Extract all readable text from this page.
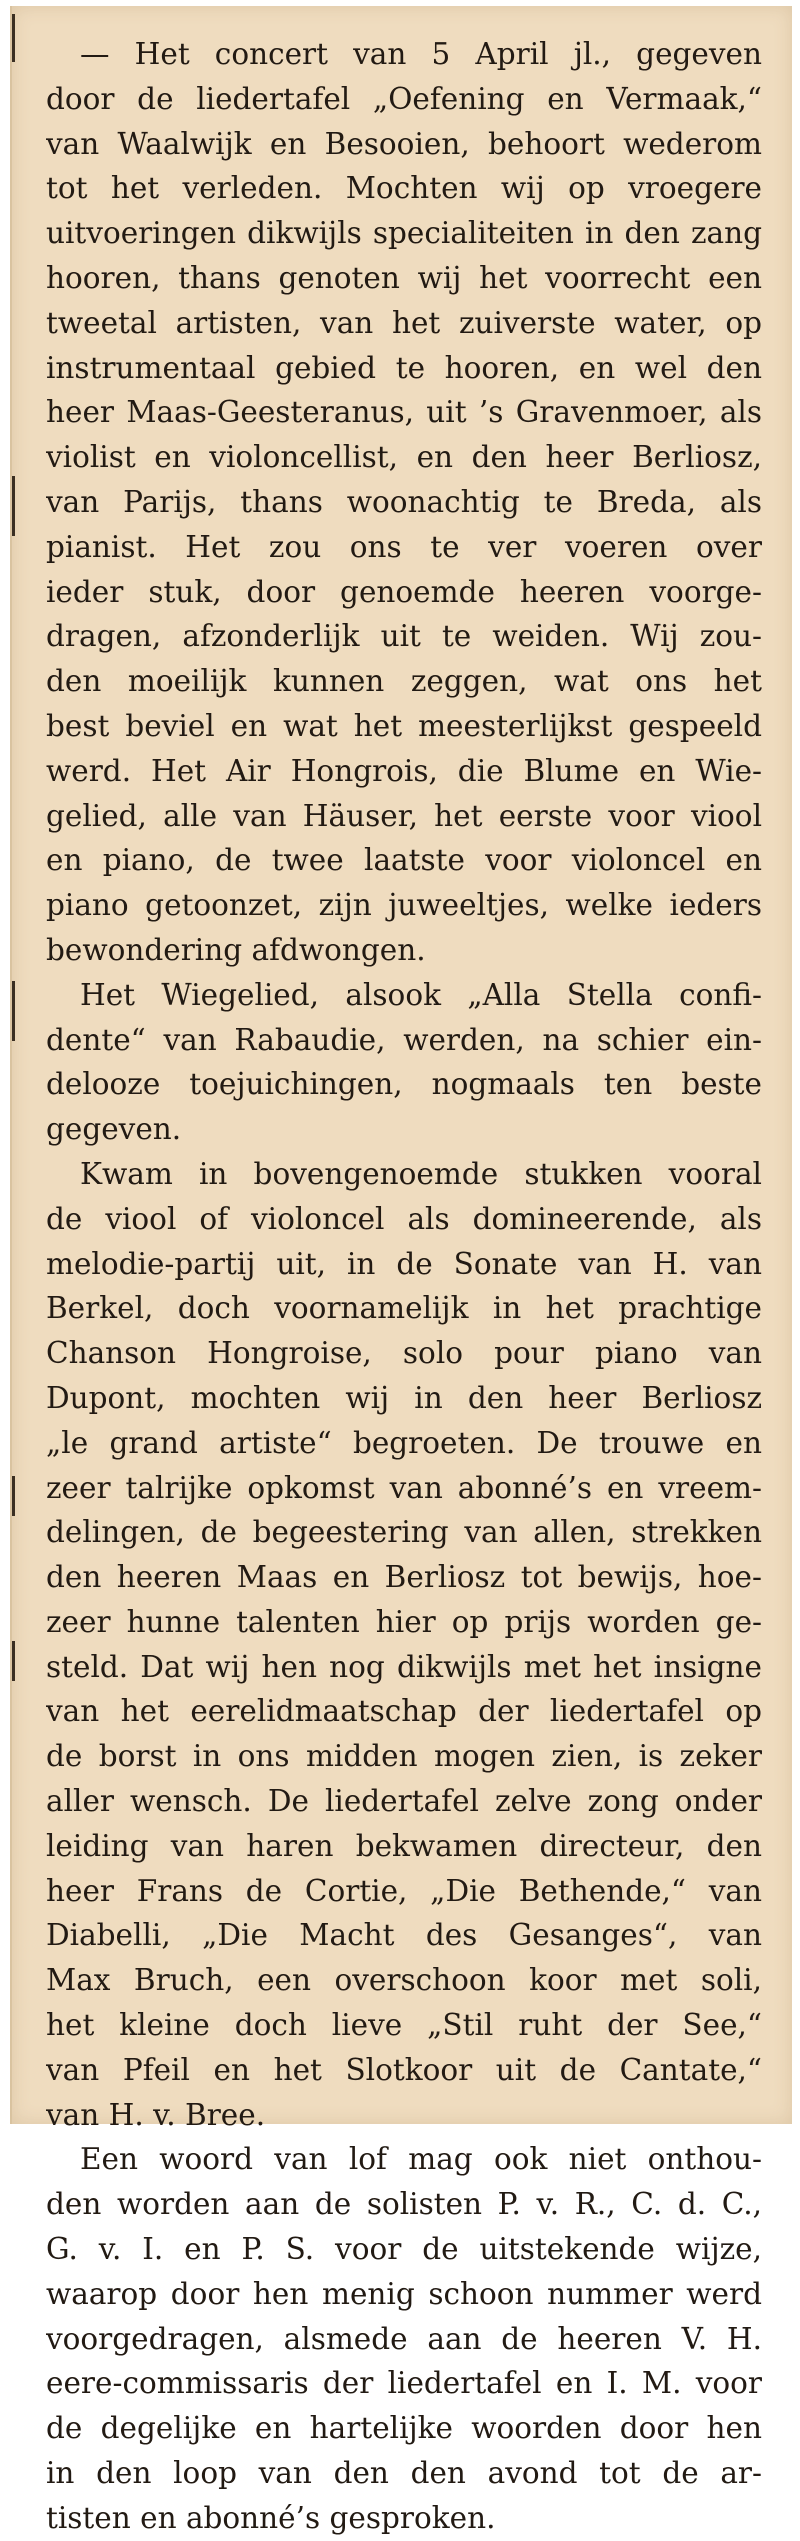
— Het concert van 5 April jl., gegeven
door de liedertafel „Oefening en Vermaak,“
van Waalwijk en Besooien, behoort wederom
tot het verleden. Mochten wij op vroegere
uitvoeringen dikwijls specialiteiten in den zang
hooren, thans genoten wij het voorrecht een
tweetal artisten, van het zuiverste water, op
instrumentaal gebied te hooren, en wel den
heer Maas-Geesteranus, uit ’s Gravenmoer, als
violist en violoncellist, en den heer Berliosz,
van Parijs, thans woonachtig te Breda, als
pianist. Het zou ons te ver voeren over
ieder stuk, door genoemde heeren voorge-
dragen, afzonderlijk uit te weiden. Wij zou-
den moeilijk kunnen zeggen, wat ons het
best beviel en wat het meesterlijkst gespeeld
werd. Het Air Hongrois, die Blume en Wie-
gelied, alle van Häuser, het eerste voor viool
en piano, de twee laatste voor violoncel en
piano getoonzet, zijn juweeltjes, welke ieders
bewondering afdwongen.
Het Wiegelied, alsook „Alla Stella confi-
dente“ van Rabaudie, werden, na schier ein-
delooze toejuichingen, nogmaals ten beste
gegeven.
Kwam in bovengenoemde stukken vooral
de viool of violoncel als domineerende, als
melodie-partij uit, in de Sonate van H. van
Berkel, doch voornamelijk in het prachtige
Chanson Hongroise, solo pour piano van
Dupont, mochten wij in den heer Berliosz
„le grand artiste“ begroeten. De trouwe en
zeer talrijke opkomst van abonné’s en vreem-
delingen, de begeestering van allen, strekken
den heeren Maas en Berliosz tot bewijs, hoe-
zeer hunne talenten hier op prijs worden ge-
steld. Dat wij hen nog dikwijls met het insigne
van het eerelidmaatschap der liedertafel op
de borst in ons midden mogen zien, is zeker
aller wensch. De liedertafel zelve zong onder
leiding van haren bekwamen directeur, den
heer Frans de Cortie, „Die Bethende,“ van
Diabelli, „Die Macht des Gesanges“, van
Max Bruch, een overschoon koor met soli,
het kleine doch lieve „Stil ruht der See,“
van Pfeil en het Slotkoor uit de Cantate,“
van H. v. Bree.
Een woord van lof mag ook niet onthou-
den worden aan de solisten P. v. R., C. d. C.,
G. v. I. en P. S. voor de uitstekende wijze,
waarop door hen menig schoon nummer werd
voorgedragen, alsmede aan de heeren V. H.
eere-commissaris der liedertafel en I. M. voor
de degelijke en hartelijke woorden door hen
in den loop van den den avond tot de ar-
tisten en abonné’s gesproken.
